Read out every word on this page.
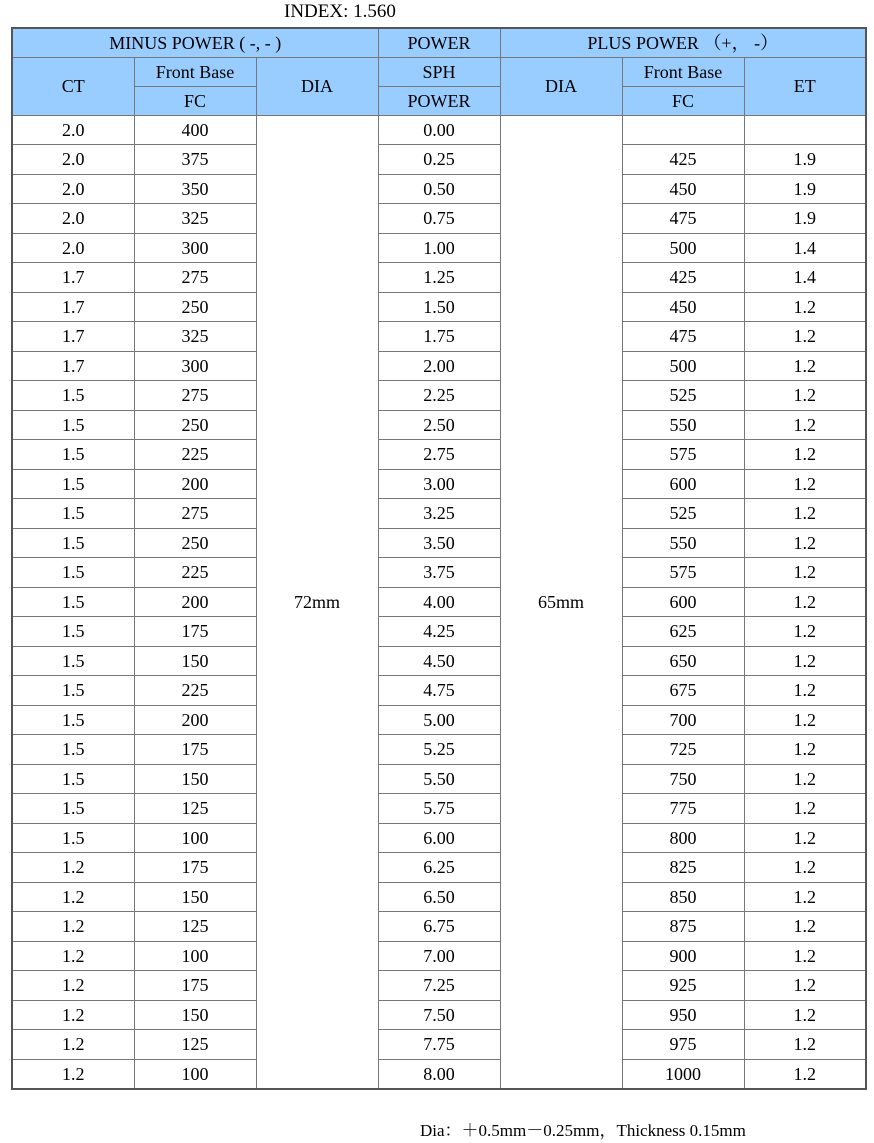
INDEX: 1.560
MINUS POWER ( -, - )			POWER	PLUS POWER （+， -）		
CT	Front Base	DIA	SPH	DIA	Front Base	ET
	FC		POWER		FC	
2.0	400	72mm	0.00	65mm		
2.0	375		0.25		425	1.9
2.0	350		0.50		450	1.9
2.0	325		0.75		475	1.9
2.0	300		1.00		500	1.4
1.7	275		1.25		425	1.4
1.7	250		1.50		450	1.2
1.7	325		1.75		475	1.2
1.7	300		2.00		500	1.2
1.5	275		2.25		525	1.2
1.5	250		2.50		550	1.2
1.5	225		2.75		575	1.2
1.5	200		3.00		600	1.2
1.5	275		3.25		525	1.2
1.5	250		3.50		550	1.2
1.5	225		3.75		575	1.2
1.5	200		4.00		600	1.2
1.5	175		4.25		625	1.2
1.5	150		4.50		650	1.2
1.5	225		4.75		675	1.2
1.5	200		5.00		700	1.2
1.5	175		5.25		725	1.2
1.5	150		5.50		750	1.2
1.5	125		5.75		775	1.2
1.5	100		6.00		800	1.2
1.2	175		6.25		825	1.2
1.2	150		6.50		850	1.2
1.2	125		6.75		875	1.2
1.2	100		7.00		900	1.2
1.2	175		7.25		925	1.2
1.2	150		7.50		950	1.2
1.2	125		7.75		975	1.2
1.2	100		8.00		1000	1.2
Dia：＋0.5mm－0.25mm，Thickness 0.15mm
